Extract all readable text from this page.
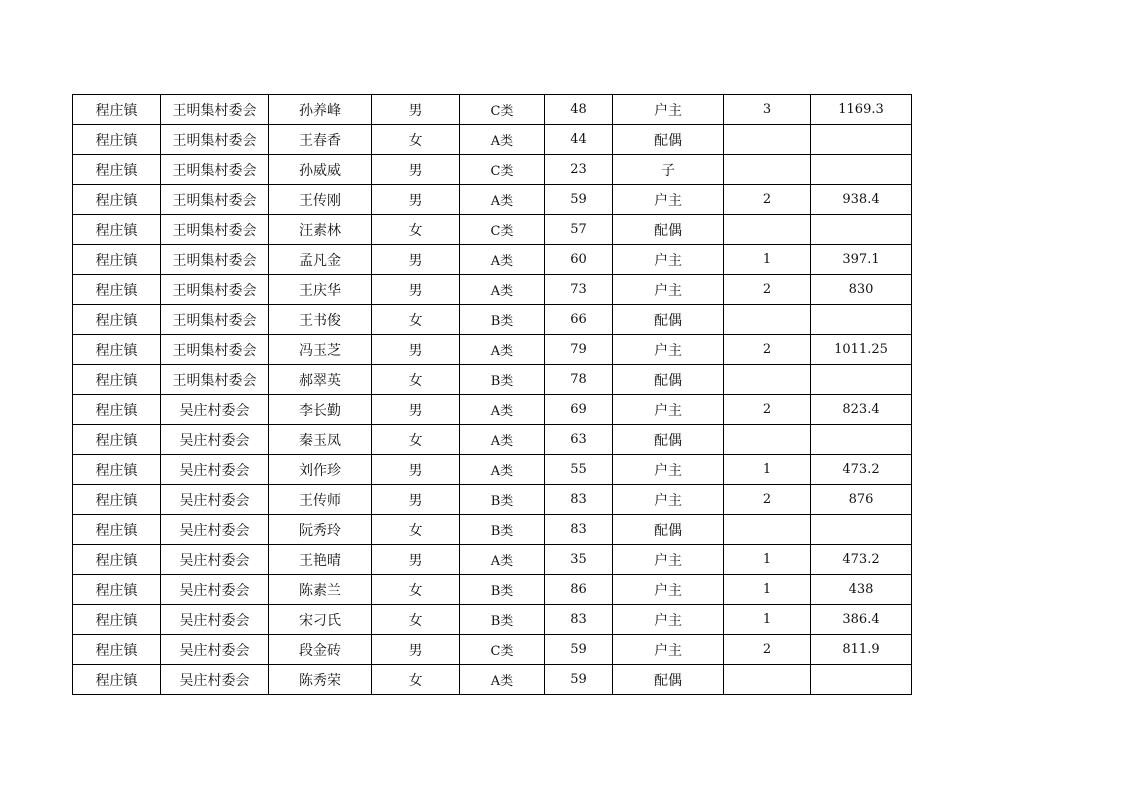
程庄镇	王明集村委会	孙养峰	男	C类	48	户主	3	1169.3
程庄镇	王明集村委会	王春香	女	A类	44	配偶		
程庄镇	王明集村委会	孙威威	男	C类	23	子		
程庄镇	王明集村委会	王传刚	男	A类	59	户主	2	938.4
程庄镇	王明集村委会	汪素林	女	C类	57	配偶		
程庄镇	王明集村委会	孟凡金	男	A类	60	户主	1	397.1
程庄镇	王明集村委会	王庆华	男	A类	73	户主	2	830
程庄镇	王明集村委会	王书俊	女	B类	66	配偶		
程庄镇	王明集村委会	冯玉芝	男	A类	79	户主	2	1011.25
程庄镇	王明集村委会	郝翠英	女	B类	78	配偶		
程庄镇	吴庄村委会	李长勤	男	A类	69	户主	2	823.4
程庄镇	吴庄村委会	秦玉凤	女	A类	63	配偶		
程庄镇	吴庄村委会	刘作珍	男	A类	55	户主	1	473.2
程庄镇	吴庄村委会	王传师	男	B类	83	户主	2	876
程庄镇	吴庄村委会	阮秀玲	女	B类	83	配偶		
程庄镇	吴庄村委会	王艳晴	男	A类	35	户主	1	473.2
程庄镇	吴庄村委会	陈素兰	女	B类	86	户主	1	438
程庄镇	吴庄村委会	宋刁氏	女	B类	83	户主	1	386.4
程庄镇	吴庄村委会	段金砖	男	C类	59	户主	2	811.9
程庄镇	吴庄村委会	陈秀荣	女	A类	59	配偶		
